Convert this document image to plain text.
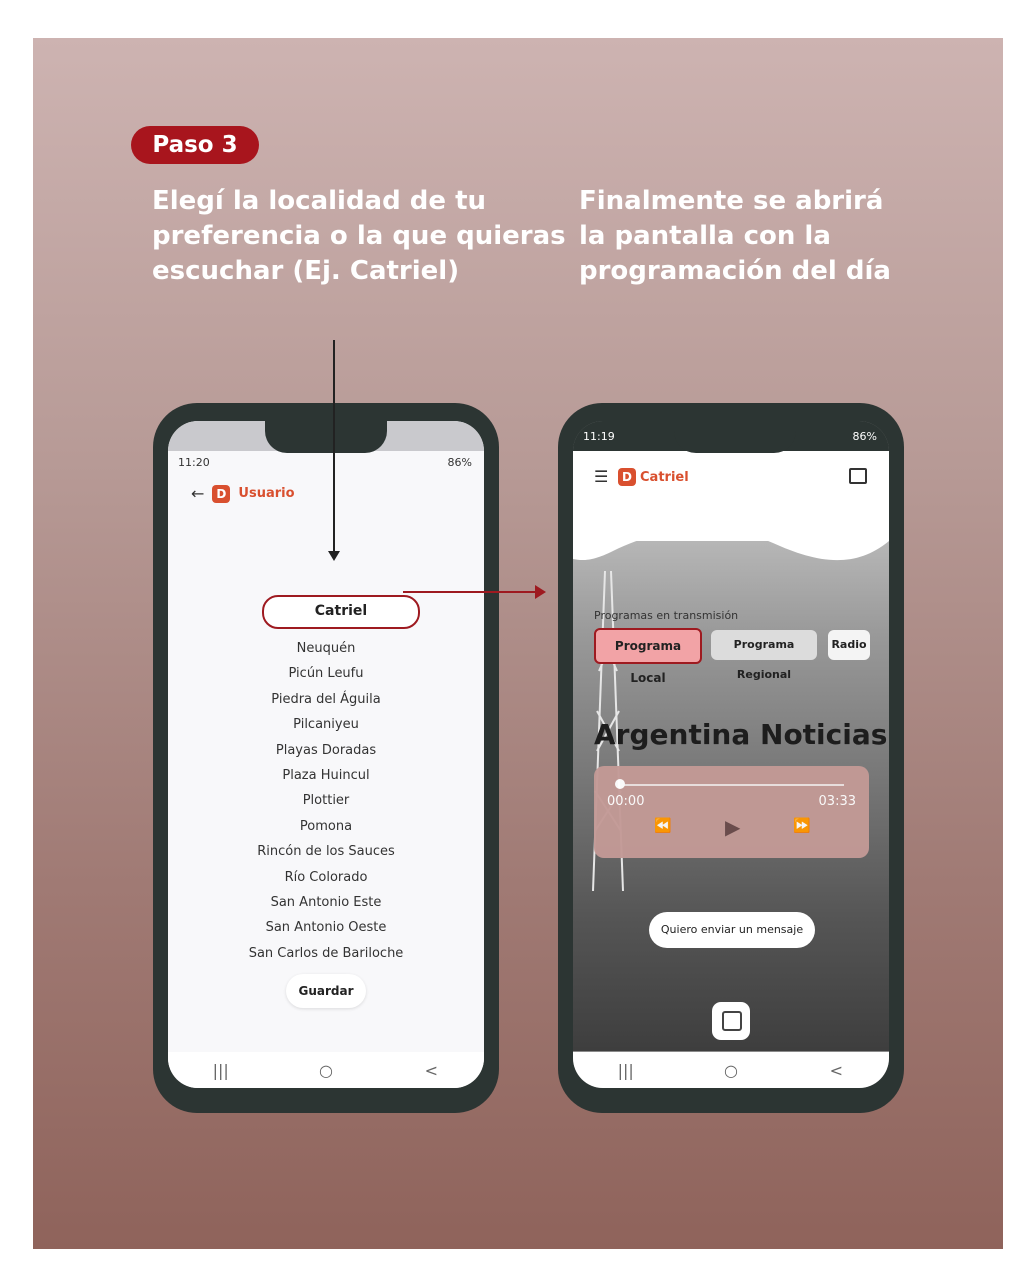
Paso 3
Elegí la localidad de tu
preferencia o la que quieras
escuchar (Ej. Catriel)
Finalmente se abrirá
la pantalla con la
programación del día
11:20	86%
←	D Usuario
Catriel
Neuquén
Picún Leufu
Piedra del Águila
Pilcaniyeu
Playas Doradas
Plaza Huincul
Plottier
Pomona
Rincón de los Sauces
Río Colorado
San Antonio Este
San Antonio Oeste
San Carlos de Bariloche
Guardar
|||	○	<
☰	D Catriel
11:19	86%
Programas en transmisión
Programa Local
Programa Regional
Radio
Argentina Noticias
00:00	03:33
⏪	▶	⏩
Quiero enviar un mensaje
|||	○	<
